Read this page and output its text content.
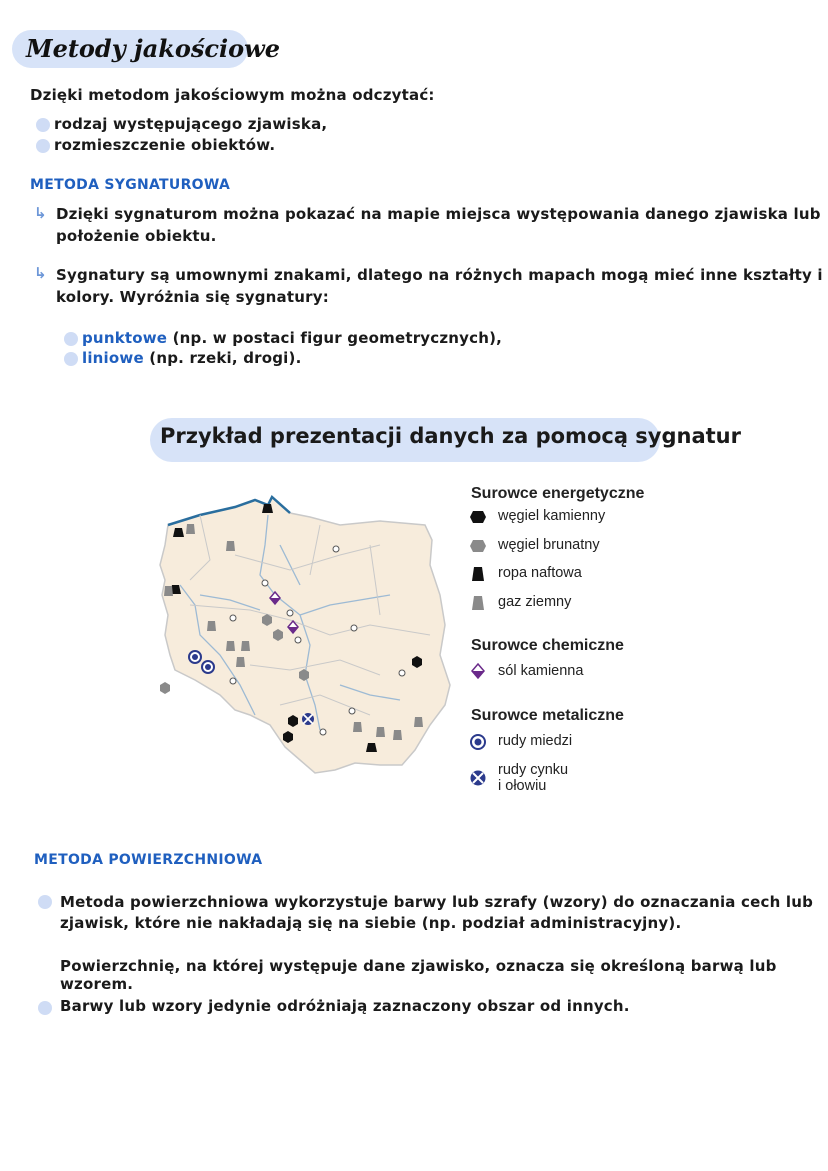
Metody jakościowe
Dzięki metodom jakościowym można odczytać:
rodzaj występującego zjawiska,
rozmieszczenie obiektów.
METODA SYGNATUROWA
↳ Dzięki sygnaturom można pokazać na mapie miejsca występowania danego zjawiska lub
położenie obiektu.
↳ Sygnatury są umownymi znakami, dlatego na różnych mapach mogą mieć inne kształty i
kolory. Wyróżnia się sygnatury:
punktowe (np. w postaci figur geometrycznych),
liniowe (np. rzeki, drogi).
Przykład prezentacji danych za pomocą sygnatur
Surowce energetyczne
węgiel kamienny
węgiel brunatny
ropa naftowa
gaz ziemny
Surowce chemiczne
sól kamienna
Surowce metaliczne
rudy miedzi
rudy cynku
i ołowiu
METODA POWIERZCHNIOWA
Metoda powierzchniowa wykorzystuje barwy lub szrafy (wzory) do oznaczania cech lub
zjawisk, które nie nakładają się na siebie (np. podział administracyjny).
Powierzchnię, na której występuje dane zjawisko, oznacza się określoną barwą lub wzorem.
Barwy lub wzory jedynie odróżniają zaznaczony obszar od innych.
